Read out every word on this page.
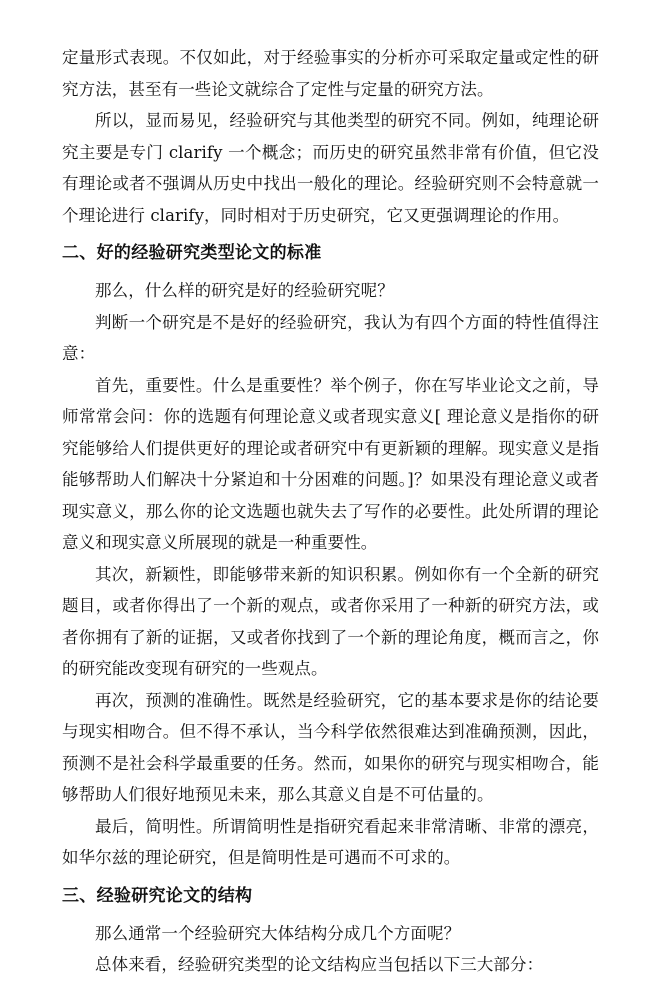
定量形式表现。不仅如此，对于经验事实的分析亦可采取定量或定性的研究方法，甚至有一些论文就综合了定性与定量的研究方法。

所以，显而易见，经验研究与其他类型的研究不同。例如，纯理论研究主要是专门 clarify 一个概念；而历史的研究虽然非常有价值，但它没有理论或者不强调从历史中找出一般化的理论。经验研究则不会特意就一个理论进行 clarify，同时相对于历史研究，它又更强调理论的作用。

二、好的经验研究类型论文的标准

那么，什么样的研究是好的经验研究呢？

判断一个研究是不是好的经验研究，我认为有四个方面的特性值得注意：

首先，重要性。什么是重要性？举个例子，你在写毕业论文之前，导师常常会问：你的选题有何理论意义或者现实意义[ 理论意义是指你的研究能够给人们提供更好的理论或者研究中有更新颖的理解。现实意义是指能够帮助人们解决十分紧迫和十分困难的问题。]？如果没有理论意义或者现实意义，那么你的论文选题也就失去了写作的必要性。此处所谓的理论意义和现实意义所展现的就是一种重要性。

其次，新颖性，即能够带来新的知识积累。例如你有一个全新的研究题目，或者你得出了一个新的观点，或者你采用了一种新的研究方法，或者你拥有了新的证据，又或者你找到了一个新的理论角度，概而言之，你的研究能改变现有研究的一些观点。

再次，预测的准确性。既然是经验研究，它的基本要求是你的结论要与现实相吻合。但不得不承认，当今科学依然很难达到准确预测，因此，预测不是社会科学最重要的任务。然而，如果你的研究与现实相吻合，能够帮助人们很好地预见未来，那么其意义自是不可估量的。

最后，简明性。所谓简明性是指研究看起来非常清晰、非常的漂亮，如华尔兹的理论研究，但是简明性是可遇而不可求的。

三、经验研究论文的结构

那么通常一个经验研究大体结构分成几个方面呢？

总体来看，经验研究类型的论文结构应当包括以下三大部分：
